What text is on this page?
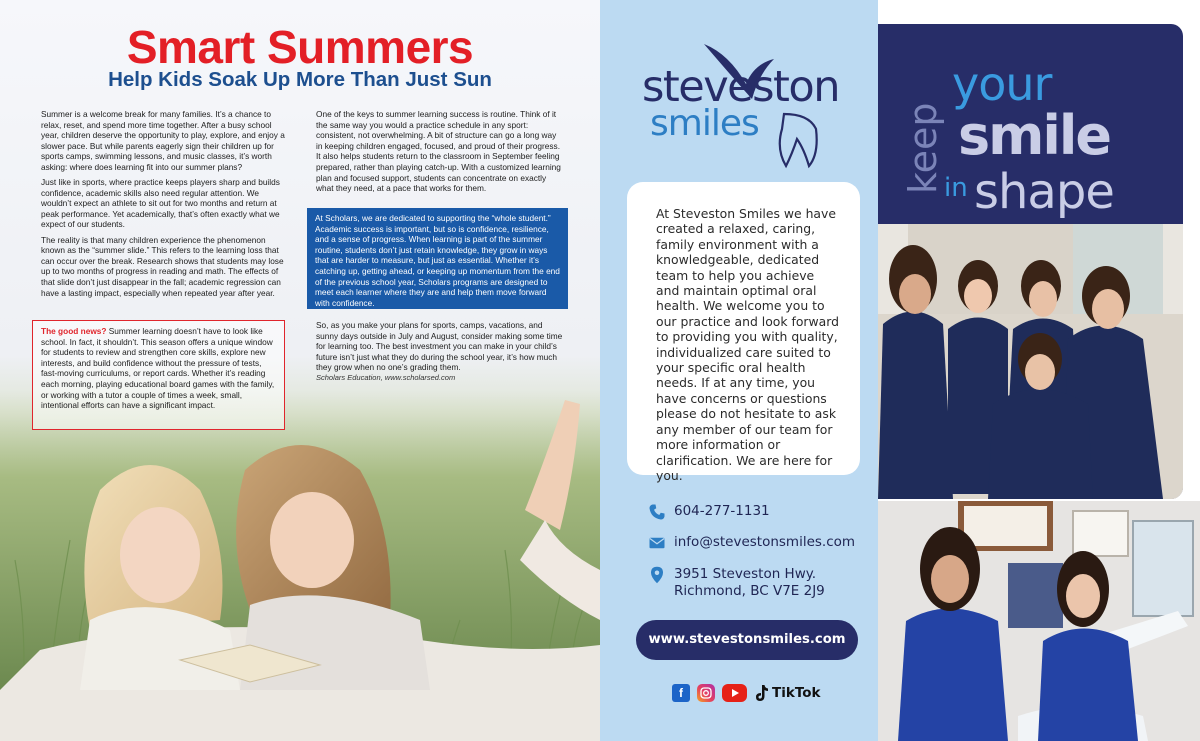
Smart Summers
Help Kids Soak Up More Than Just Sun

Summer is a welcome break for many families. It’s a chance to relax, reset, and spend more time together. After a busy school year, children deserve the opportunity to play, explore, and enjoy a slower pace. But while parents eagerly sign their children up for sports camps, swimming lessons, and music classes, it’s worth asking: where does learning fit into our summer plans?

Just like in sports, where practice keeps players sharp and builds confidence, academic skills also need regular attention. We wouldn’t expect an athlete to sit out for two months and return at peak performance. Yet academically, that’s often exactly what we expect of our students.

The reality is that many children experience the phenomenon known as the “summer slide.” This refers to the learning loss that can occur over the break. Research shows that students may lose up to two months of progress in reading and math. The effects of that slide don’t just disappear in the fall; academic regression can have a lasting impact, especially when repeated year after year.

The good news? Summer learning doesn’t have to look like school. In fact, it shouldn’t. This season offers a unique window for students to review and strengthen core skills, explore new interests, and build confidence without the pressure of tests, fast-moving curriculums, or report cards. Whether it’s reading each morning, playing educational board games with the family, or working with a tutor a couple of times a week, small, intentional efforts can have a significant impact.

One of the keys to summer learning success is routine. Think of it the same way you would a practice schedule in any sport: consistent, not overwhelming. A bit of structure can go a long way in keeping children engaged, focused, and proud of their progress. It also helps students return to the classroom in September feeling prepared, rather than playing catch-up. With a customized learning plan and focused support, students can concentrate on exactly what they need, at a pace that works for them.

At Scholars, we are dedicated to supporting the “whole student.” Academic success is important, but so is confidence, resilience, and a sense of progress. When learning is part of the summer routine, students don’t just retain knowledge, they grow in ways that are harder to measure, but just as essential. Whether it’s catching up, getting ahead, or keeping up momentum from the end of the previous school year, Scholars programs are designed to meet each learner where they are and help them move forward with confidence.

So, as you make your plans for sports, camps, vacations, and sunny days outside in July and August, consider making some time for learning too. The best investment you can make in your child’s future isn’t just what they do during the school year, it’s how much they grow when no one’s grading them.

Scholars Education, www.scholarsed.com

steveston
smiles
At Steveston Smiles we have created a relaxed, caring, family environment with a knowledgeable, dedicated team to help you achieve and maintain optimal oral health. We welcome you to our practice and look forward to providing you with quality, individualized care suited to your specific oral health needs. If at any time, you have concerns or questions please do not hesitate to ask any member of our team for more information or clarification. We are here for you.
604-277-1131
info@stevestonsmiles.com
3951 Steveston Hwy.
Richmond, BC V7E 2J9
www.stevestonsmiles.com
f	TikTok
keep
your
smile
in shape
